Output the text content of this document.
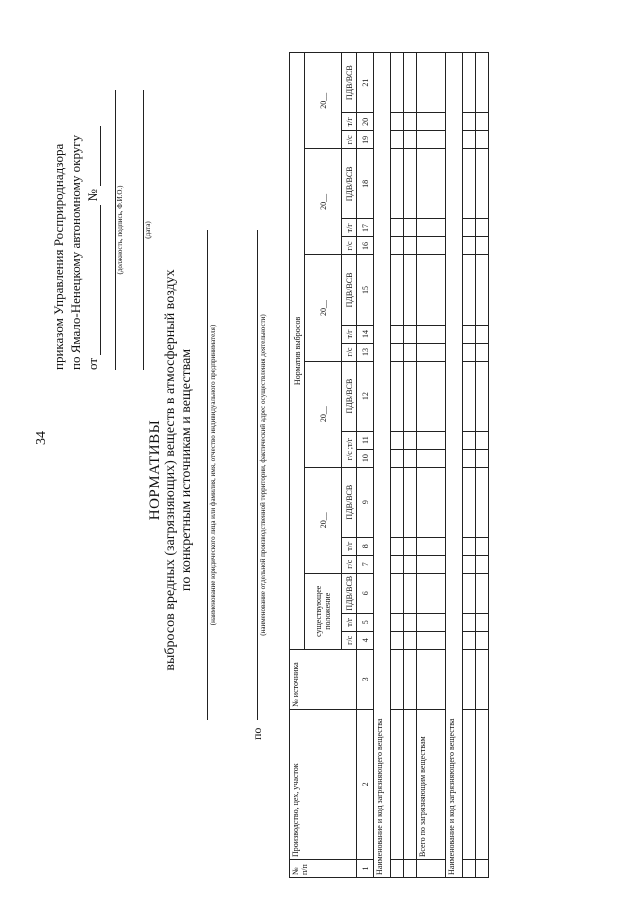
34
приказом Управления Росприроднадзора по Ямало-Ненецкому автономному округу от  № (должность, подпись, Ф.И.О.)	(дата)
НОРМАТИВЫ выбросов вредных (загрязняющих) веществ в атмосферный воздух по конкретным источникам и веществам (наименование юридического лица или фамилия, имя, отчество индивидуального предпринимателя)
по
(наименование отдельной производственной территории, фактический адрес осуществления деятельности)
№ п/п	Производство, цех, участок	№ источника	Норматив выбросов																	
			существующее положение			20__			20__			20__			20__			20__		
			г/с	т/г	ПДВ/ВСВ	г/с	т/г	ПДВ/ВСВ	г/с ;т/г		ПДВ/ВСВ	г/с	т/г	ПДВ/ВСВ	г/с	т/г	ПДВ/ВСВ	г/с	т/г	ПДВ/ВСВ
1	2	3	4	5	6	7	8	9	10	11	12	13	14	15	16	17	18	19	20	21
Наименование и код загрязняющего вещества																				

	Всего по загрязняющим веществам																			
Наименование и код загрязняющего вещества																				
